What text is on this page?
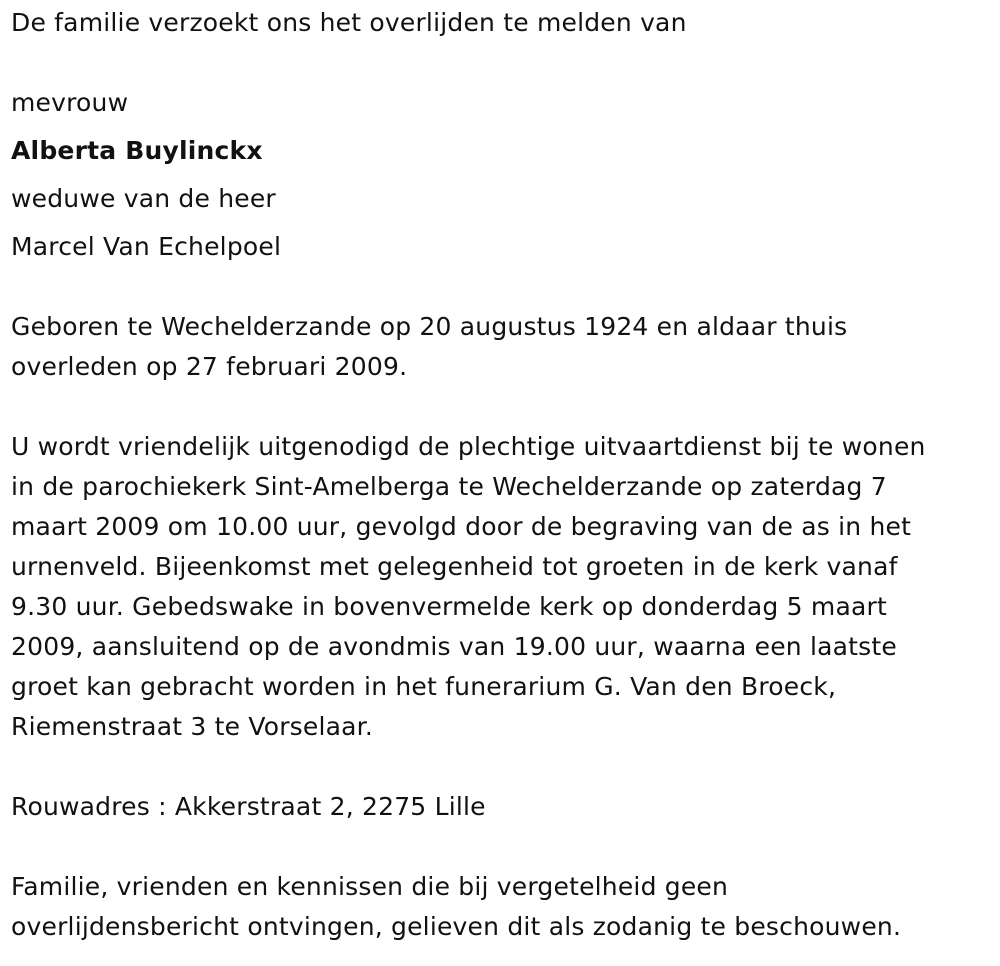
De familie verzoekt ons het overlijden te melden van
mevrouw
Alberta Buylinckx
weduwe van de heer
Marcel Van Echelpoel
Geboren te Wechelderzande op 20 augustus 1924 en aldaar thuis
overleden op 27 februari 2009.
U wordt vriendelijk uitgenodigd de plechtige uitvaartdienst bij te wonen
in de parochiekerk Sint-Amelberga te Wechelderzande op zaterdag 7
maart 2009 om 10.00 uur, gevolgd door de begraving van de as in het
urnenveld. Bijeenkomst met gelegenheid tot groeten in de kerk vanaf
9.30 uur. Gebedswake in bovenvermelde kerk op donderdag 5 maart
2009, aansluitend op de avondmis van 19.00 uur, waarna een laatste
groet kan gebracht worden in het funerarium G. Van den Broeck,
Riemenstraat 3 te Vorselaar.
Rouwadres : Akkerstraat 2, 2275 Lille
Familie, vrienden en kennissen die bij vergetelheid geen
overlijdensbericht ontvingen, gelieven dit als zodanig te beschouwen.
